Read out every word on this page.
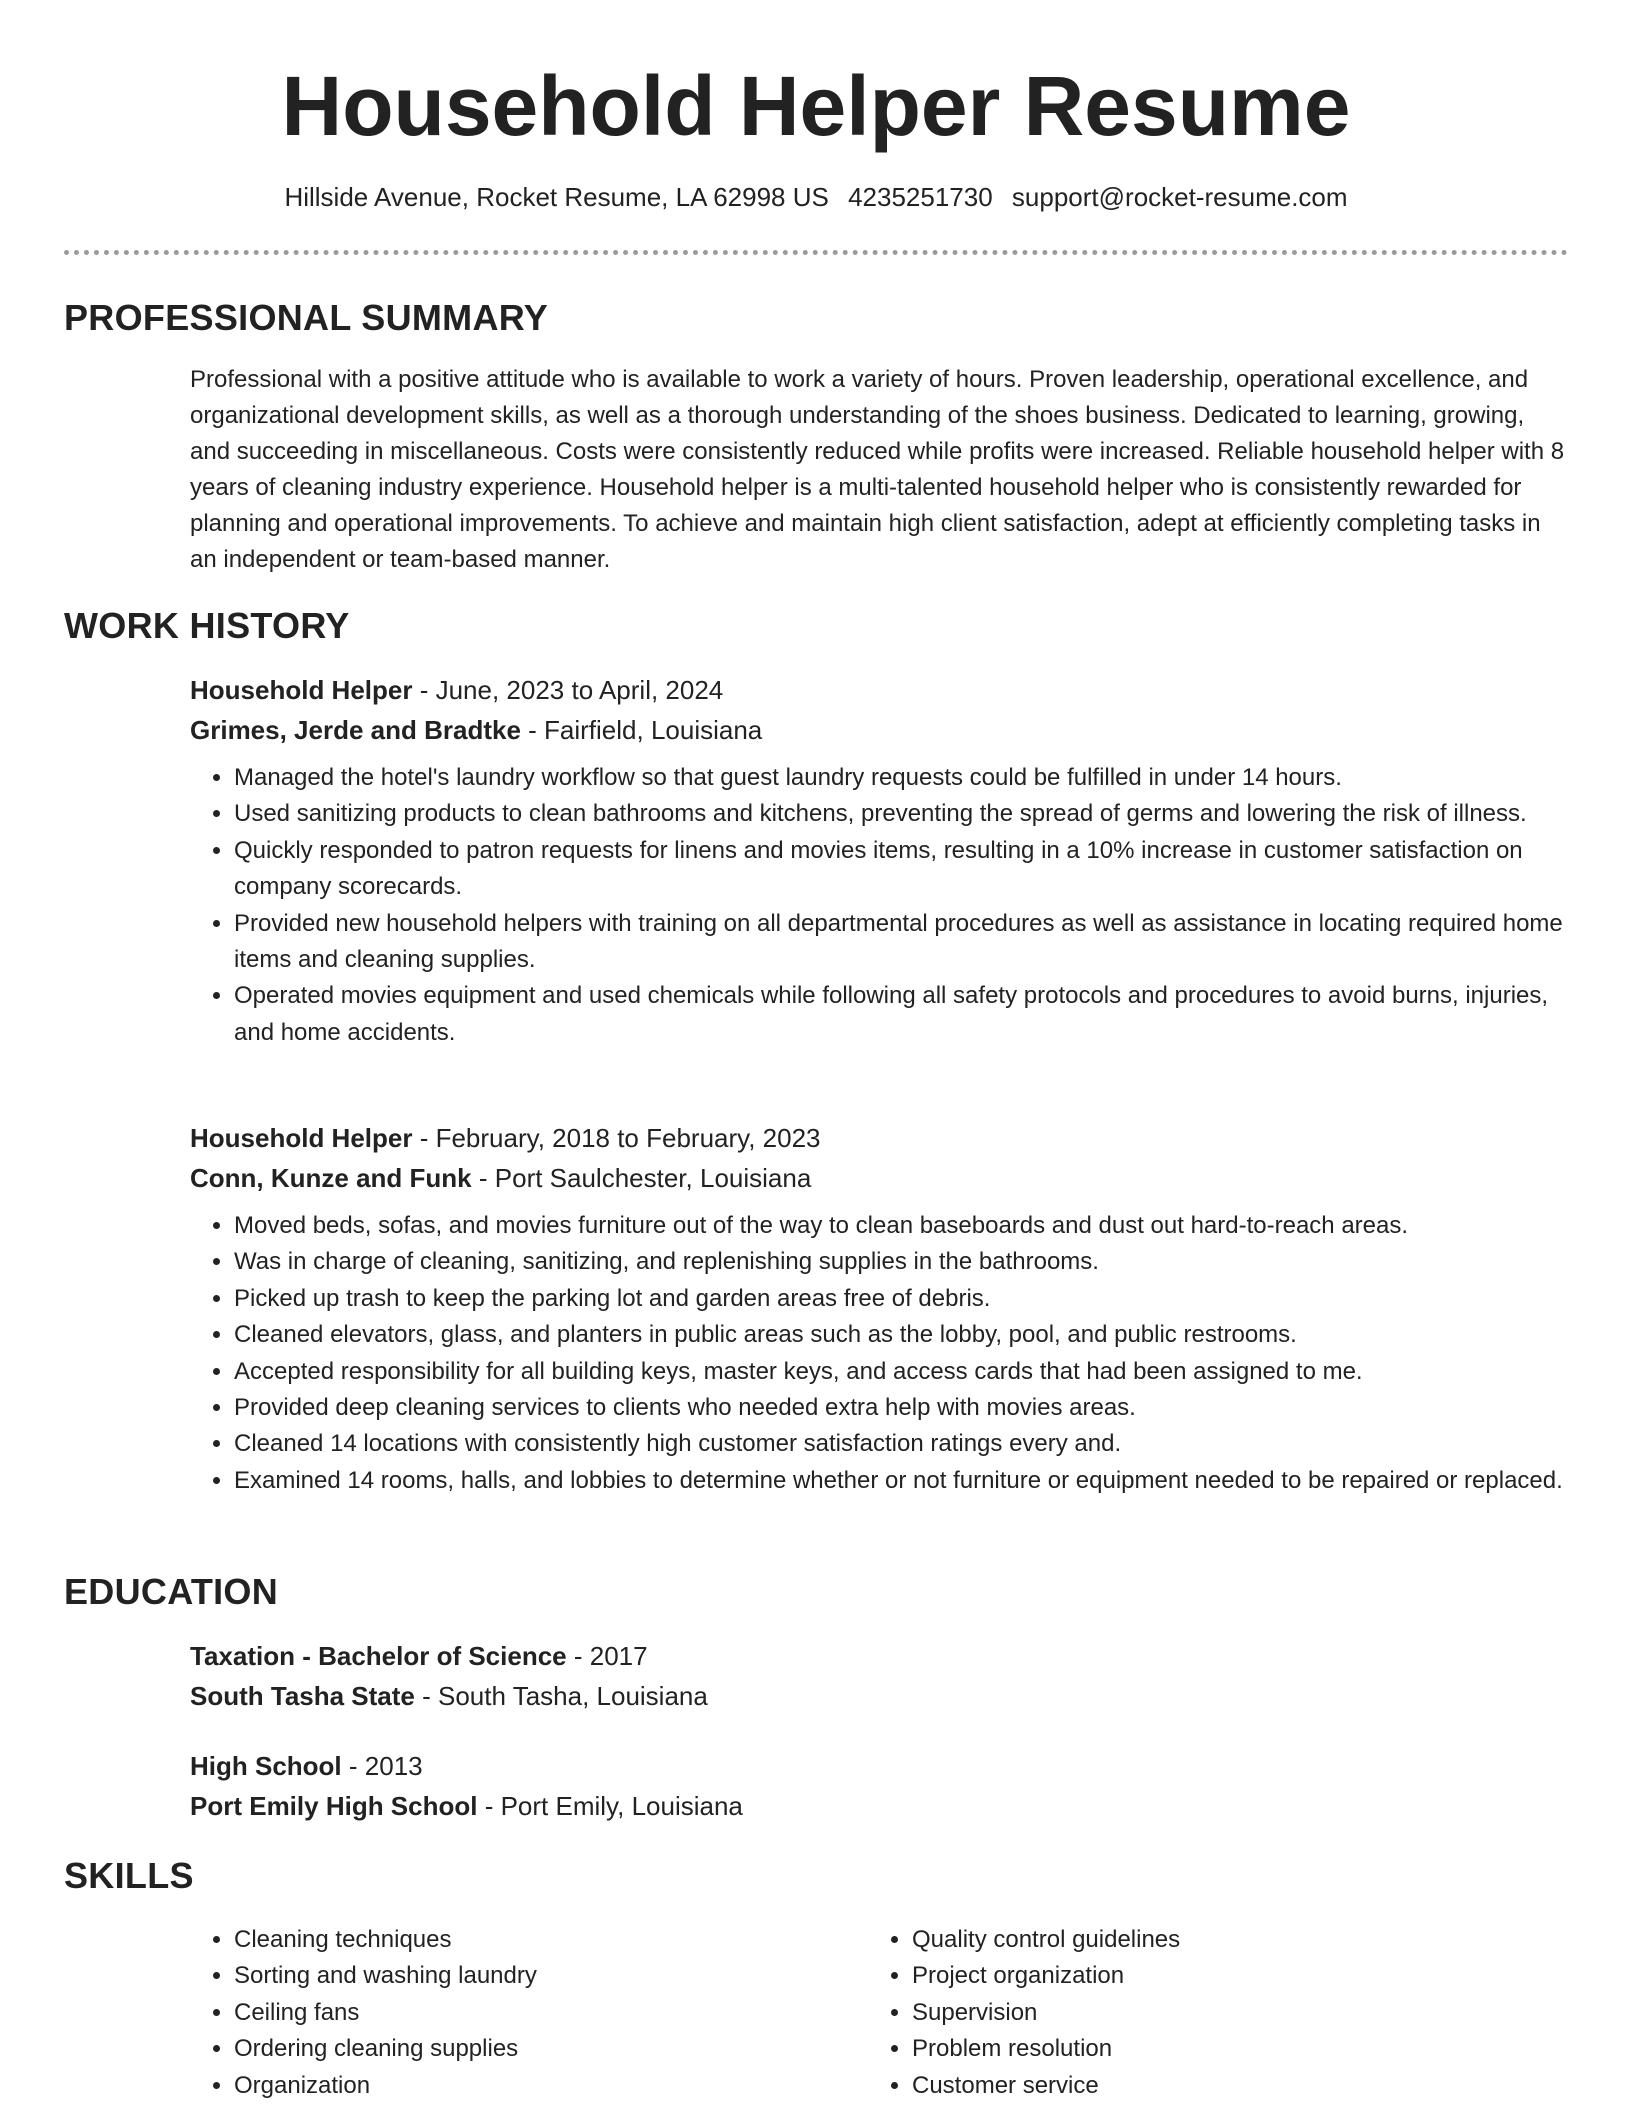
Household Helper Resume
Hillside Avenue, Rocket Resume, LA 62998 US 4235251730 support@rocket-resume.com
PROFESSIONAL SUMMARY

Professional with a positive attitude who is available to work a variety of hours. Proven leadership, operational excellence, and organizational development skills, as well as a thorough understanding of the shoes business. Dedicated to learning, growing, and succeeding in miscellaneous. Costs were consistently reduced while profits were increased. Reliable household helper with 8 years of cleaning industry experience. Household helper is a multi-talented household helper who is consistently rewarded for planning and operational improvements. To achieve and maintain high client satisfaction, adept at efficiently completing tasks in an independent or team-based manner.

WORK HISTORY
Household Helper - June, 2023 to April, 2024
Grimes, Jerde and Bradtke - Fairfield, Louisiana
• Managed the hotel's laundry workflow so that guest laundry requests could be fulfilled in under 14 hours.
• Used sanitizing products to clean bathrooms and kitchens, preventing the spread of germs and lowering the risk of illness.
• Quickly responded to patron requests for linens and movies items, resulting in a 10% increase in customer satisfaction on company scorecards.
• Provided new household helpers with training on all departmental procedures as well as assistance in locating required home items and cleaning supplies.
• Operated movies equipment and used chemicals while following all safety protocols and procedures to avoid burns, injuries, and home accidents.
Household Helper - February, 2018 to February, 2023
Conn, Kunze and Funk - Port Saulchester, Louisiana
• Moved beds, sofas, and movies furniture out of the way to clean baseboards and dust out hard-to-reach areas.
• Was in charge of cleaning, sanitizing, and replenishing supplies in the bathrooms.
• Picked up trash to keep the parking lot and garden areas free of debris.
• Cleaned elevators, glass, and planters in public areas such as the lobby, pool, and public restrooms.
• Accepted responsibility for all building keys, master keys, and access cards that had been assigned to me.
• Provided deep cleaning services to clients who needed extra help with movies areas.
• Cleaned 14 locations with consistently high customer satisfaction ratings every and.
• Examined 14 rooms, halls, and lobbies to determine whether or not furniture or equipment needed to be repaired or replaced.
EDUCATION
Taxation - Bachelor of Science - 2017
South Tasha State - South Tasha, Louisiana
High School - 2013
Port Emily High School - Port Emily, Louisiana
SKILLS
• Cleaning techniques
• Sorting and washing laundry
• Ceiling fans
• Ordering cleaning supplies
• Organization
• Quality control guidelines
• Project organization
• Supervision
• Problem resolution
• Customer service
